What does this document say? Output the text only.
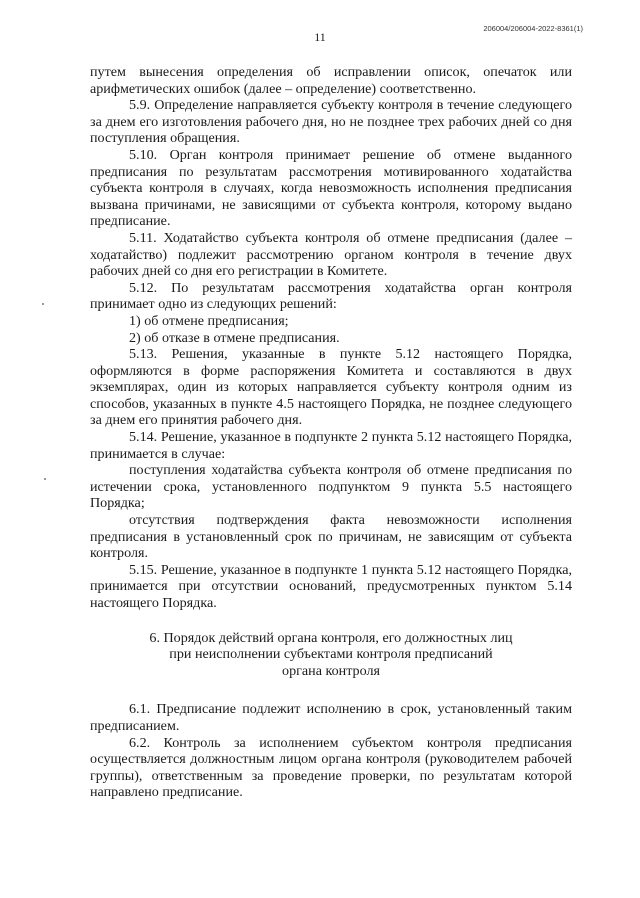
11
206004/206004-2022-8361(1)

путем вынесения определения об исправлении описок, опечаток или арифметических ошибок (далее – определение) соответственно.

5.9. Определение направляется субъекту контроля в течение следующего за днем его изготовления рабочего дня, но не позднее трех рабочих дней со дня поступления обращения.

5.10. Орган контроля принимает решение об отмене выданного предписания по результатам рассмотрения мотивированного ходатайства субъекта контроля в случаях, когда невозможность исполнения предписания вызвана причинами, не зависящими от субъекта контроля, которому выдано предписание.

5.11. Ходатайство субъекта контроля об отмене предписания (далее – ходатайство) подлежит рассмотрению органом контроля в течение двух рабочих дней со дня его регистрации в Комитете.

5.12. По результатам рассмотрения ходатайства орган контроля принимает одно из следующих решений:

1) об отмене предписания;

2) об отказе в отмене предписания.

5.13. Решения, указанные в пункте 5.12 настоящего Порядка, оформляются в форме распоряжения Комитета и составляются в двух экземплярах, один из которых направляется субъекту контроля одним из способов, указанных в пункте 4.5 настоящего Порядка, не позднее следующего за днем его принятия рабочего дня.

5.14. Решение, указанное в подпункте 2 пункта 5.12 настоящего Порядка, принимается в случае:

поступления ходатайства субъекта контроля об отмене предписания по истечении срока, установленного подпунктом 9 пункта 5.5 настоящего Порядка;

отсутствия подтверждения факта невозможности исполнения предписания в установленный срок по причинам, не зависящим от субъекта контроля.

5.15. Решение, указанное в подпункте 1 пункта 5.12 настоящего Порядка, принимается при отсутствии оснований, предусмотренных пунктом 5.14 настоящего Порядка.

6. Порядок действий органа контроля, его должностных лиц
при неисполнении субъектами контроля предписаний
органа контроля

6.1. Предписание подлежит исполнению в срок, установленный таким предписанием.

6.2. Контроль за исполнением субъектом контроля предписания осуществляется должностным лицом органа контроля (руководителем рабочей группы), ответственным за проведение проверки, по результатам которой направлено предписание.
